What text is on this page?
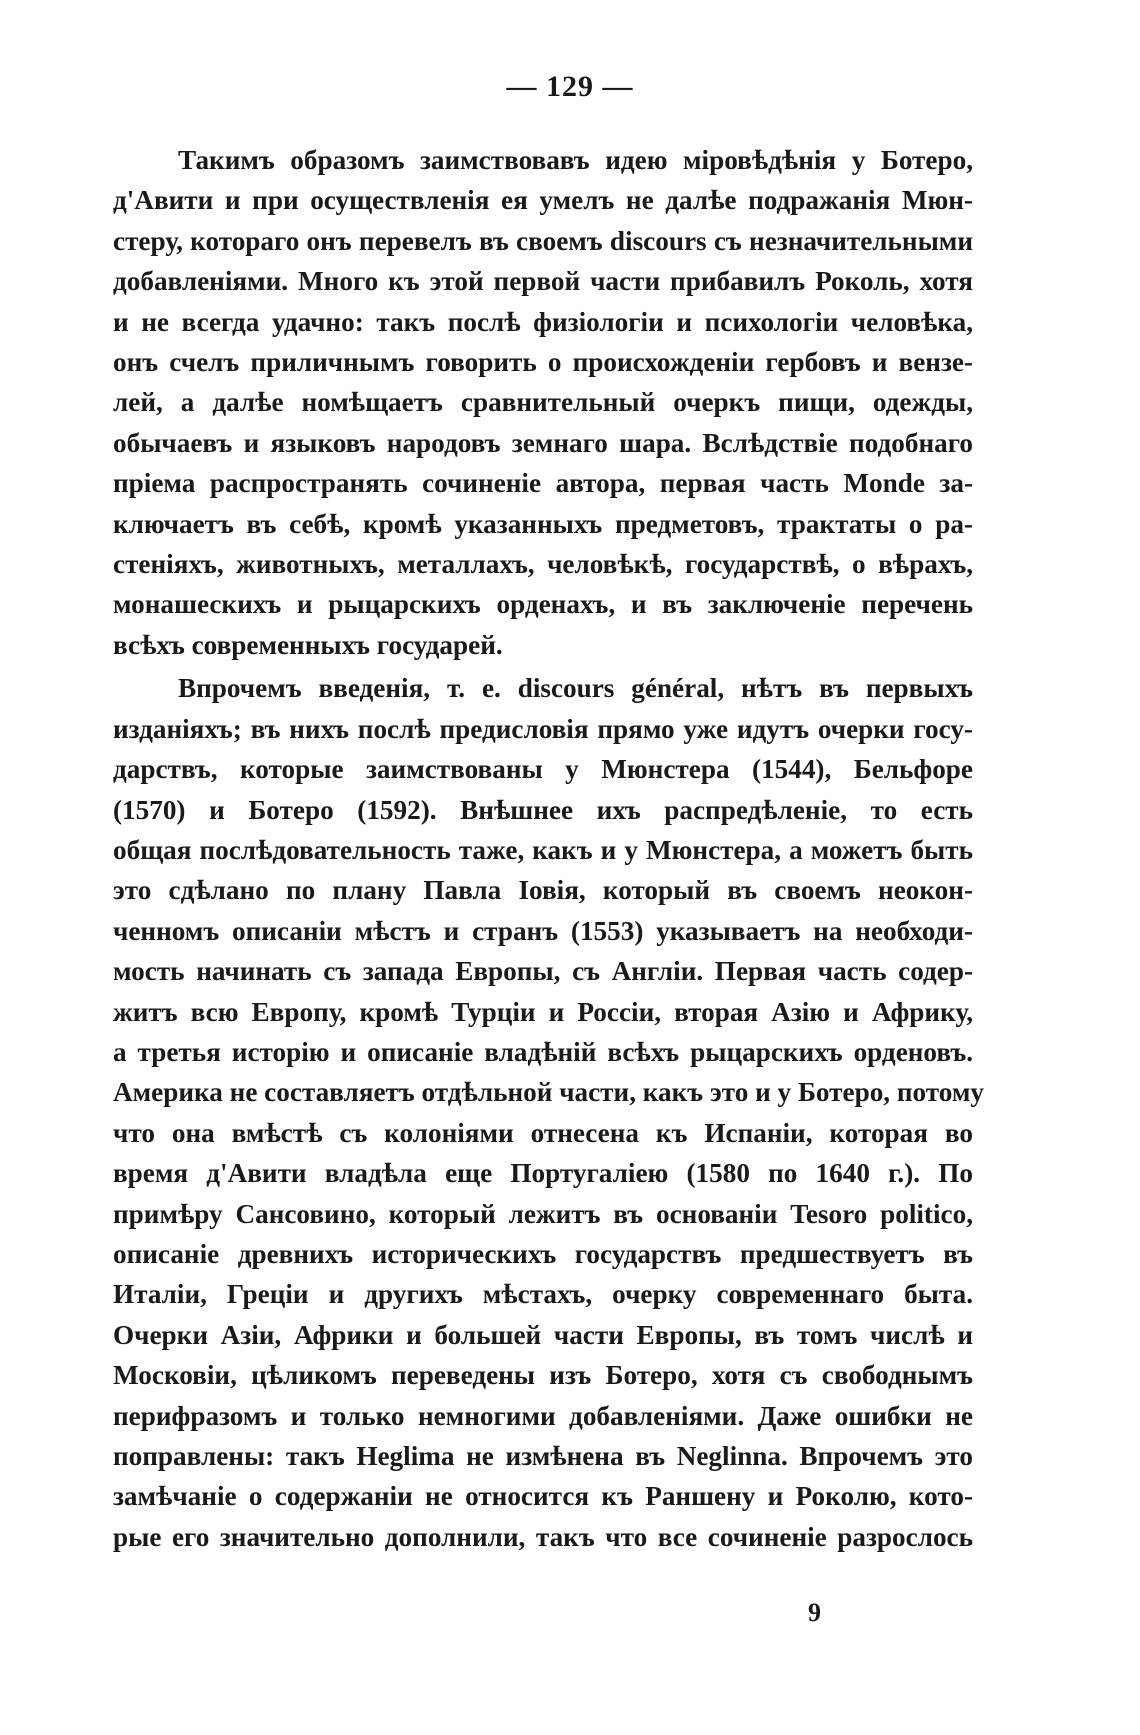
— 129 —
Такимъ образомъ заимствовавъ идею міровѣдѣнія у Ботеро,
д'Авити и при осуществленія ея умелъ не далѣе подражанія Мюн-
стеру, котораго онъ перевелъ въ своемъ discours съ незначительными
добавленіями. Много къ этой первой части прибавилъ Роколь, хотя
и не всегда удачно: такъ послѣ физіологіи и психологіи человѣка,
онъ счелъ приличнымъ говорить о происхожденіи гербовъ и вензе-
лей, а далѣе номѣщаетъ сравнительный очеркъ пищи, одежды,
обычаевъ и языковъ народовъ земнаго шара. Вслѣдствіе подобнаго
пріема распространять сочиненіе автора, первая часть Monde за-
ключаетъ въ себѣ, кромѣ указанныхъ предметовъ, трактаты о ра-
стеніяхъ, животныхъ, металлахъ, человѣкѣ, государствѣ, о вѣрахъ,
монашескихъ и рыцарскихъ орденахъ, и въ заключеніе перечень
всѣхъ современныхъ государей.
Впрочемъ введенія, т. е. discours général, нѣтъ въ первыхъ
изданіяхъ; въ нихъ послѣ предисловія прямо уже идутъ очерки госу-
дарствъ, которые заимствованы у Мюнстера (1544), Бельфоре
(1570) и Ботеро (1592). Внѣшнее ихъ распредѣленіе, то есть
общая послѣдовательность таже, какъ и у Мюнстера, а можетъ быть
это сдѣлано по плану Павла Іовія, который въ своемъ неокон-
ченномъ описаніи мѣстъ и странъ (1553) указываетъ на необходи-
мость начинать съ запада Европы, съ Англіи. Первая часть содер-
житъ всю Европу, кромѣ Турціи и Россіи, вторая Азію и Африку,
а третья исторію и описаніе владѣній всѣхъ рыцарскихъ орденовъ.
Америка не составляетъ отдѣльной части, какъ это и у Ботеро, потому
что она вмѣстѣ съ колоніями отнесена къ Испаніи, которая во
время д'Авити владѣла еще Португаліею (1580 по 1640 г.). По
примѣру Сансовино, который лежитъ въ основаніи Tesoro politico,
описаніе древнихъ историческихъ государствъ предшествуетъ въ
Италіи, Греціи и другихъ мѣстахъ, очерку современнаго быта.
Очерки Азіи, Африки и большей части Европы, въ томъ числѣ и
Московіи, цѣликомъ переведены изъ Ботеро, хотя съ свободнымъ
перифразомъ и только немногими добавленіями. Даже ошибки не
поправлены: такъ Heglima не измѣнена въ Neglinna. Впрочемъ это
замѣчаніе о содержаніи не относится къ Раншену и Роколю, кото-
рые его значительно дополнили, такъ что все сочиненіе разрослось
9
